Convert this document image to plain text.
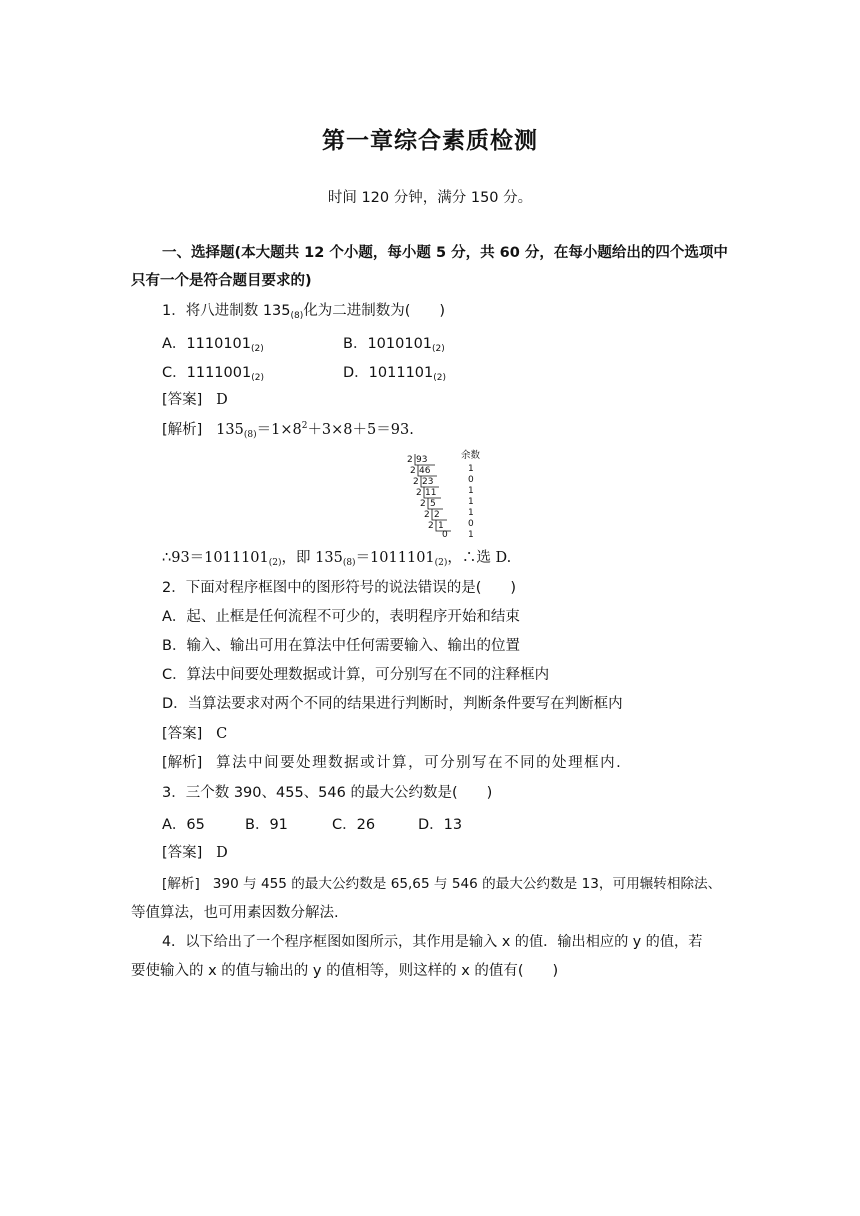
第一章综合素质检测
时间 120 分钟，满分 150 分。
一、选择题(本大题共 12 个小题，每小题 5 分，共 60 分，在每小题给出的四个选项中
只有一个是符合题目要求的)
1．将八进制数 $135_{(8)}$化为二进制数为(　　)
A．$1110101_{(2)}$	B．$1010101_{(2)}$
C．$1111001_{(2)}$	D．$1011101_{(2)}$
[答案] D
[解析] $135_{(8)}=1\times 8^2+3\times 8+5=93$.
余数
2 93
1
2 46
0
2 23
1
2 11
1
2 5
1
2 2
0
2 1
1
0
$\therefore 93=1011101_{(2)}$，即 $135_{(8)}=1011101_{(2)}$，∴选 D.
2．下面对程序框图中的图形符号的说法错误的是(　　)
A．起、止框是任何流程不可少的，表明程序开始和结束
B．输入、输出可用在算法中任何需要输入、输出的位置
C．算法中间要处理数据或计算，可分别写在不同的注释框内
D．当算法要求对两个不同的结果进行判断时，判断条件要写在判断框内
[答案] C
[解析] 算法中间要处理数据或计算，可分别写在不同的处理框内.
3．三个数 390、455、546 的最大公约数是(　　)
A．65	B．91	C．26	D．13
[答案] D
[解析] 390 与 455 的最大公约数是 65,65 与 546 的最大公约数是 13，可用辗转相除法、
等值算法，也可用素因数分解法.
4．以下给出了一个程序框图如图所示，其作用是输入 x 的值．输出相应的 y 的值，若
要使输入的 x 的值与输出的 y 的值相等，则这样的 x 的值有(　　)
